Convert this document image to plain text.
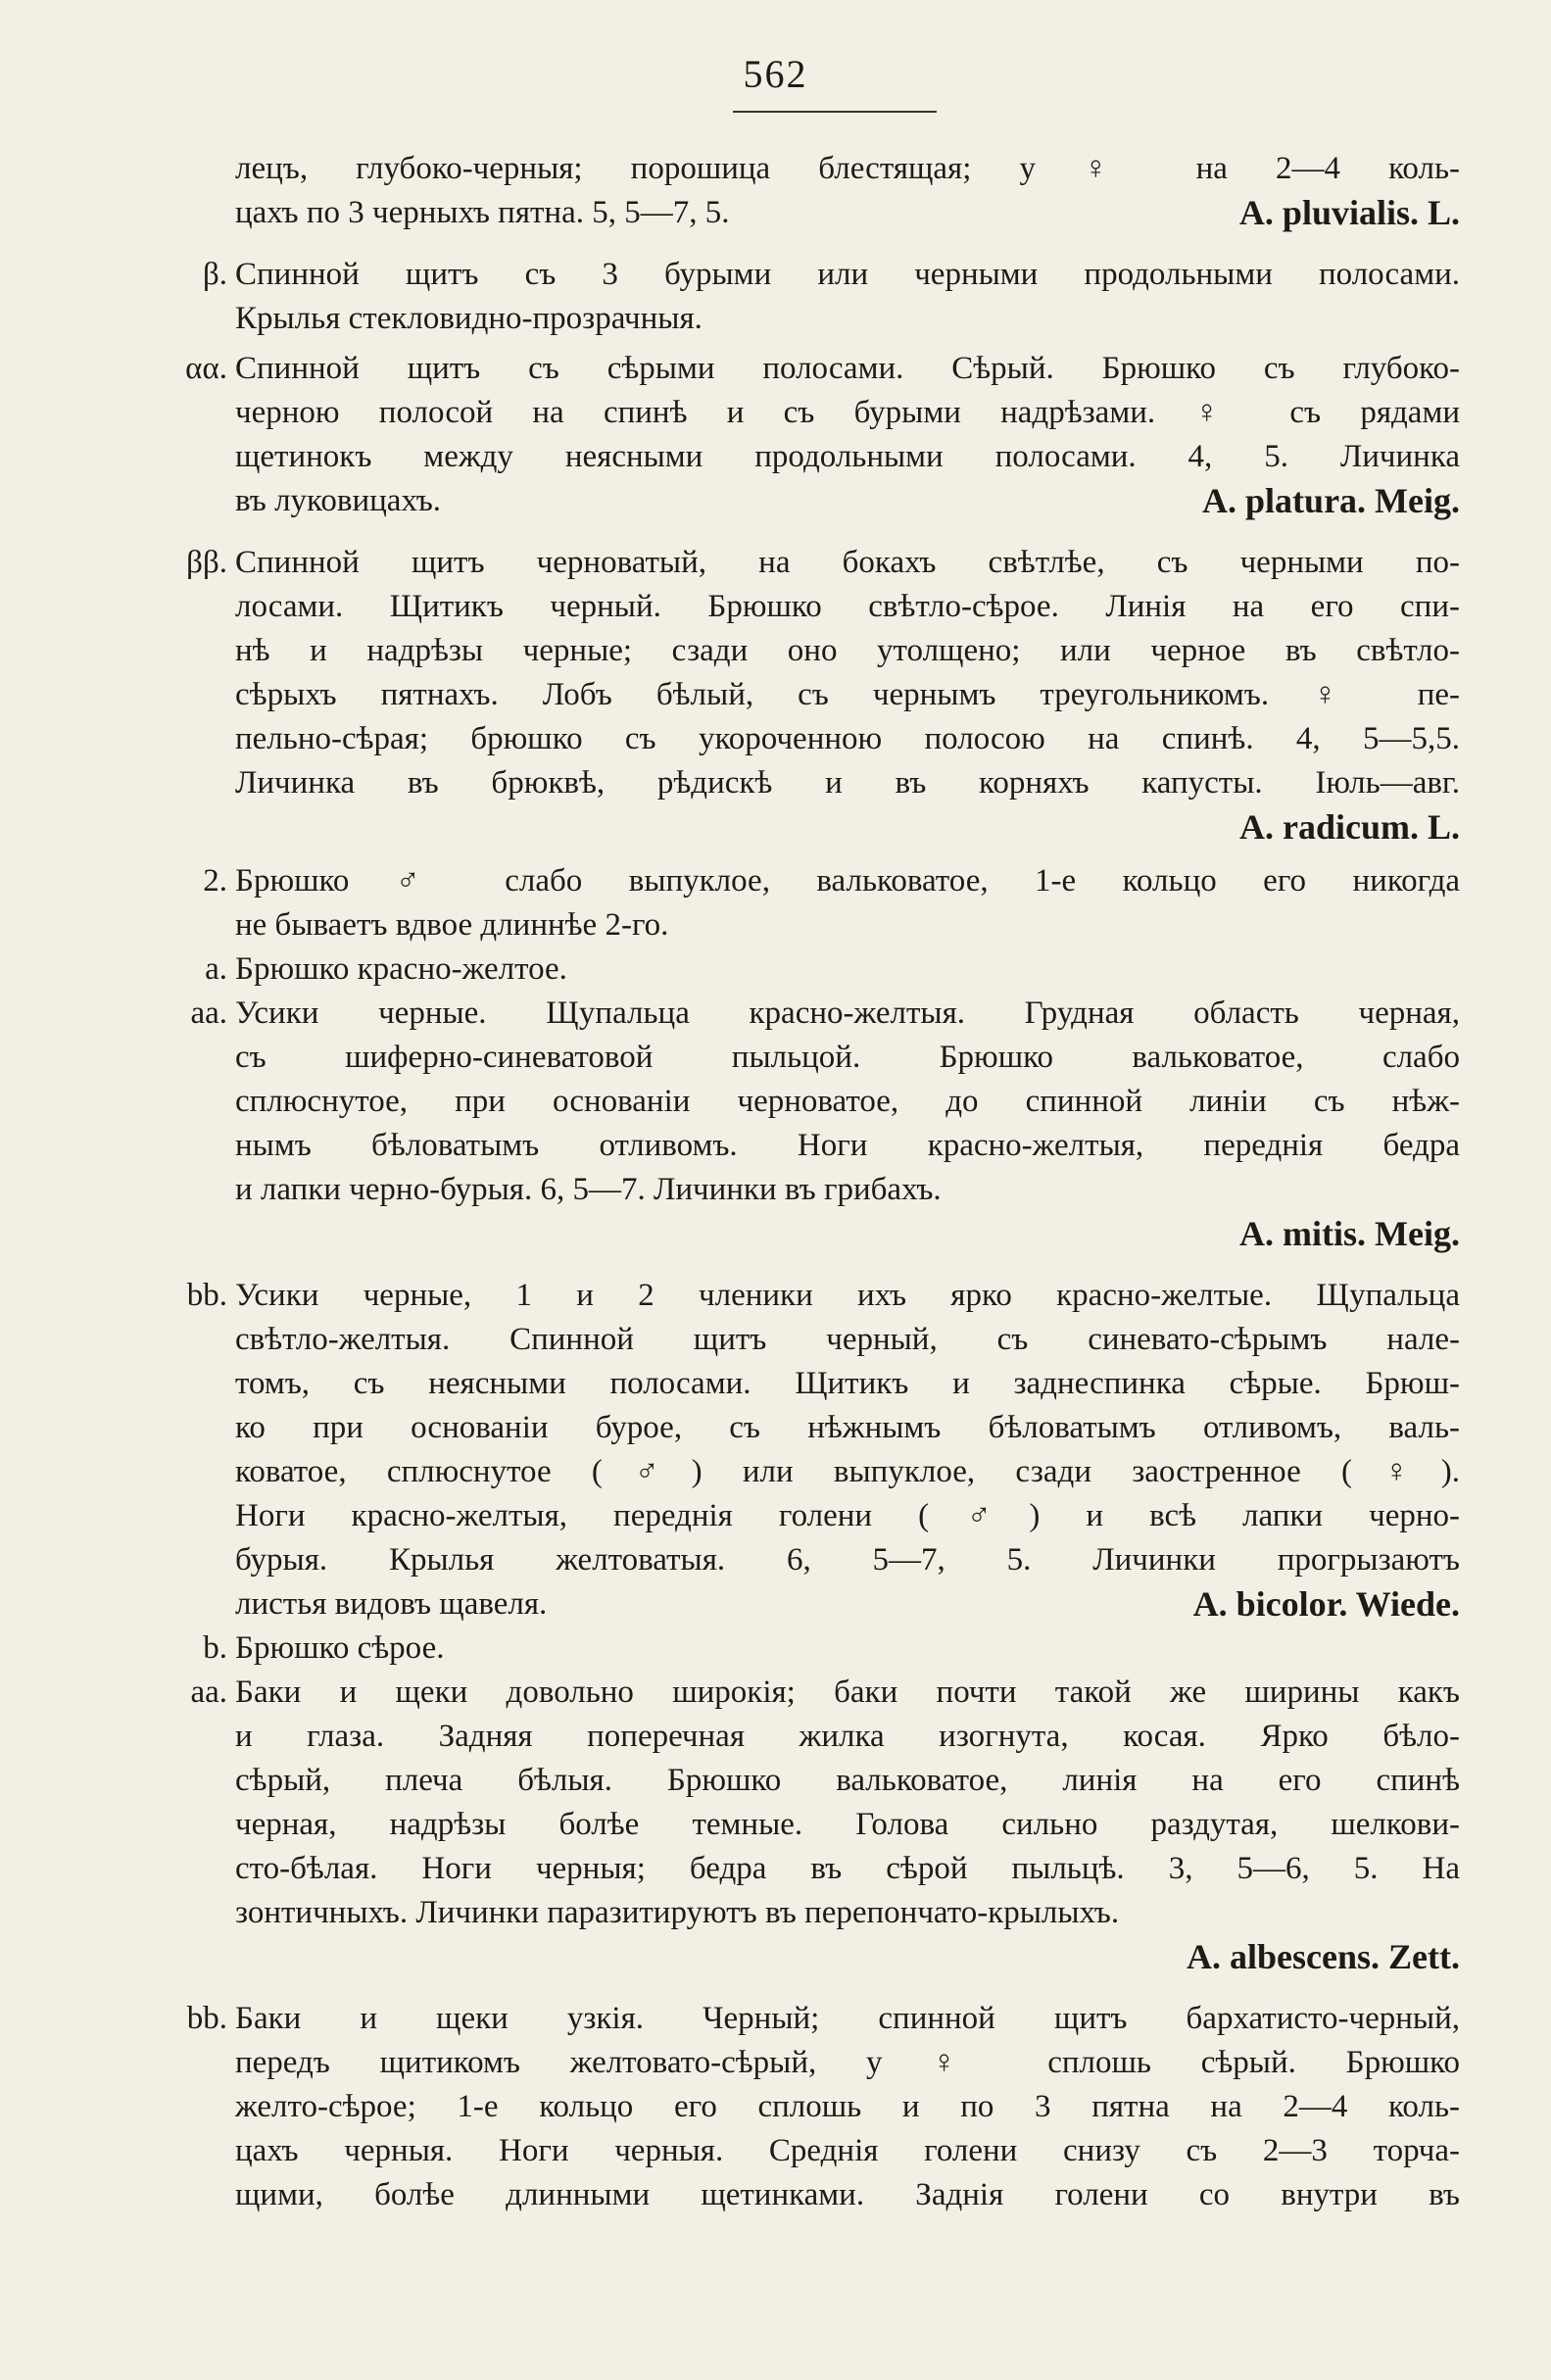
562
лецъ, глубоко-черныя; порошица блестящая; у ♀ на 2—4 коль-
цахъ по 3 черныхъ пятна. 5, 5—7, 5.	A. pluvialis. L.
β. Спинной щитъ съ 3 бурыми или черными продольными полосами.
Крылья стекловидно-прозрачныя.
αα. Спинной щитъ съ сѣрыми полосами. Сѣрый. Брюшко съ глубоко-
черною полосой на спинѣ и съ бурыми надрѣзами. ♀ съ рядами
щетинокъ между неясными продольными полосами. 4, 5. Личинка
въ луковицахъ.	A. platura. Meig.
ββ. Спинной щитъ черноватый, на бокахъ свѣтлѣе, съ черными по-
лосами. Щитикъ черный. Брюшко свѣтло-сѣрое. Линія на его спи-
нѣ и надрѣзы черные; сзади оно утолщено; или черное въ свѣтло-
сѣрыхъ пятнахъ. Лобъ бѣлый, съ чернымъ треугольникомъ. ♀ пе-
пельно-сѣрая; брюшко съ укороченною полосою на спинѣ. 4, 5—5,5.
Личинка въ брюквѣ, рѣдискѣ и въ корняхъ капусты. Іюль—авг.
A. radicum. L.
2. Брюшко ♂ слабо выпуклое, вальковатое, 1-е кольцо его никогда
не бываетъ вдвое длиннѣе 2-го.
a. Брюшко красно-желтое.
aa. Усики черные. Щупальца красно-желтыя. Грудная область черная,
съ шиферно-синеватовой пыльцой. Брюшко вальковатое, слабо
сплюснутое, при основаніи черноватое, до спинной линіи съ нѣж-
нымъ бѣловатымъ отливомъ. Ноги красно-желтыя, переднія бедра
и лапки черно-бурыя. 6, 5—7. Личинки въ грибахъ.
A. mitis. Meig.
bb. Усики черные, 1 и 2 членики ихъ ярко красно-желтые. Щупальца
свѣтло-желтыя. Спинной щитъ черный, съ синевато-сѣрымъ нале-
томъ, съ неясными полосами. Щитикъ и заднеспинка сѣрые. Брюш-
ко при основаніи бурое, съ нѣжнымъ бѣловатымъ отливомъ, валь-
коватое, сплюснутое (♂) или выпуклое, сзади заостренное (♀).
Ноги красно-желтыя, переднія голени (♂) и всѣ лапки черно-
бурыя. Крылья желтоватыя. 6, 5—7, 5. Личинки прогрызаютъ
листья видовъ щавеля.	A. bicolor. Wiede.
b. Брюшко сѣрое.
aa. Баки и щеки довольно широкія; баки почти такой же ширины какъ
и глаза. Задняя поперечная жилка изогнута, косая. Ярко бѣло-
сѣрый, плеча бѣлыя. Брюшко вальковатое, линія на его спинѣ
черная, надрѣзы болѣе темные. Голова сильно раздутая, шелкови-
сто-бѣлая. Ноги черныя; бедра въ сѣрой пыльцѣ. 3, 5—6, 5. На
зонтичныхъ. Личинки паразитируютъ въ перепончато-крылыхъ.
A. albescens. Zett.
bb. Баки и щеки узкія. Черный; спинной щитъ бархатисто-черный,
передъ щитикомъ желтовато-сѣрый, у ♀ сплошь сѣрый. Брюшко
желто-сѣрое; 1-е кольцо его сплошь и по 3 пятна на 2—4 коль-
цахъ черныя. Ноги черныя. Среднія голени снизу съ 2—3 торча-
щими, болѣе длинными щетинками. Заднія голени со внутри въ
